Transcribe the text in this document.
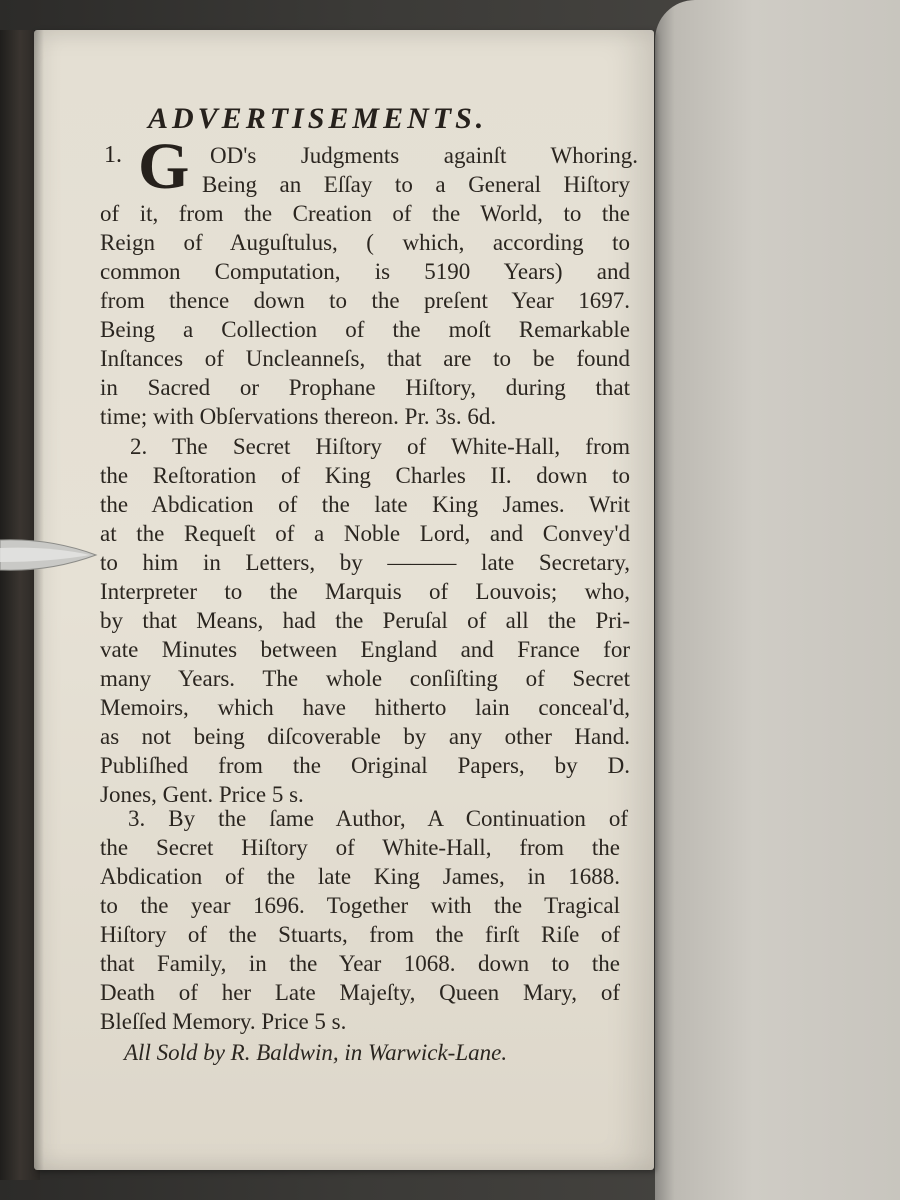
ADVERTISEMENTS.
1. G OD's Judgments againſt Whoring.
Being an Eſſay to a General Hiſtory
of it, from the Creation of the World, to the
Reign of Auguſtulus, ( which, according to
common Computation, is 5190 Years) and
from thence down to the preſent Year 1697.
Being a Collection of the moſt Remarkable
Inſtances of Uncleanneſs, that are to be found
in Sacred or Prophane Hiſtory, during that
time; with Obſervations thereon. Pr. 3s. 6d.
2. The Secret Hiſtory of White-Hall, from
the Reſtoration of King Charles II. down to
the Abdication of the late King James. Writ
at the Requeſt of a Noble Lord, and Convey'd
to him in Letters, by ——— late Secretary,
Interpreter to the Marquis of Louvois; who,
by that Means, had the Peruſal of all the Pri-
vate Minutes between England and France for
many Years. The whole conſiſting of Secret
Memoirs, which have hitherto lain conceal'd,
as not being diſcoverable by any other Hand.
Publiſhed from the Original Papers, by D.
Jones, Gent. Price 5 s.
3. By the ſame Author, A Continuation of
the Secret Hiſtory of White-Hall, from the
Abdication of the late King James, in 1688.
to the year 1696. Together with the Tragical
Hiſtory of the Stuarts, from the firſt Riſe of
that Family, in the Year 1068. down to the
Death of her Late Majeſty, Queen Mary, of
Bleſſed Memory. Price 5 s.
All Sold by R. Baldwin, in Warwick-Lane.
